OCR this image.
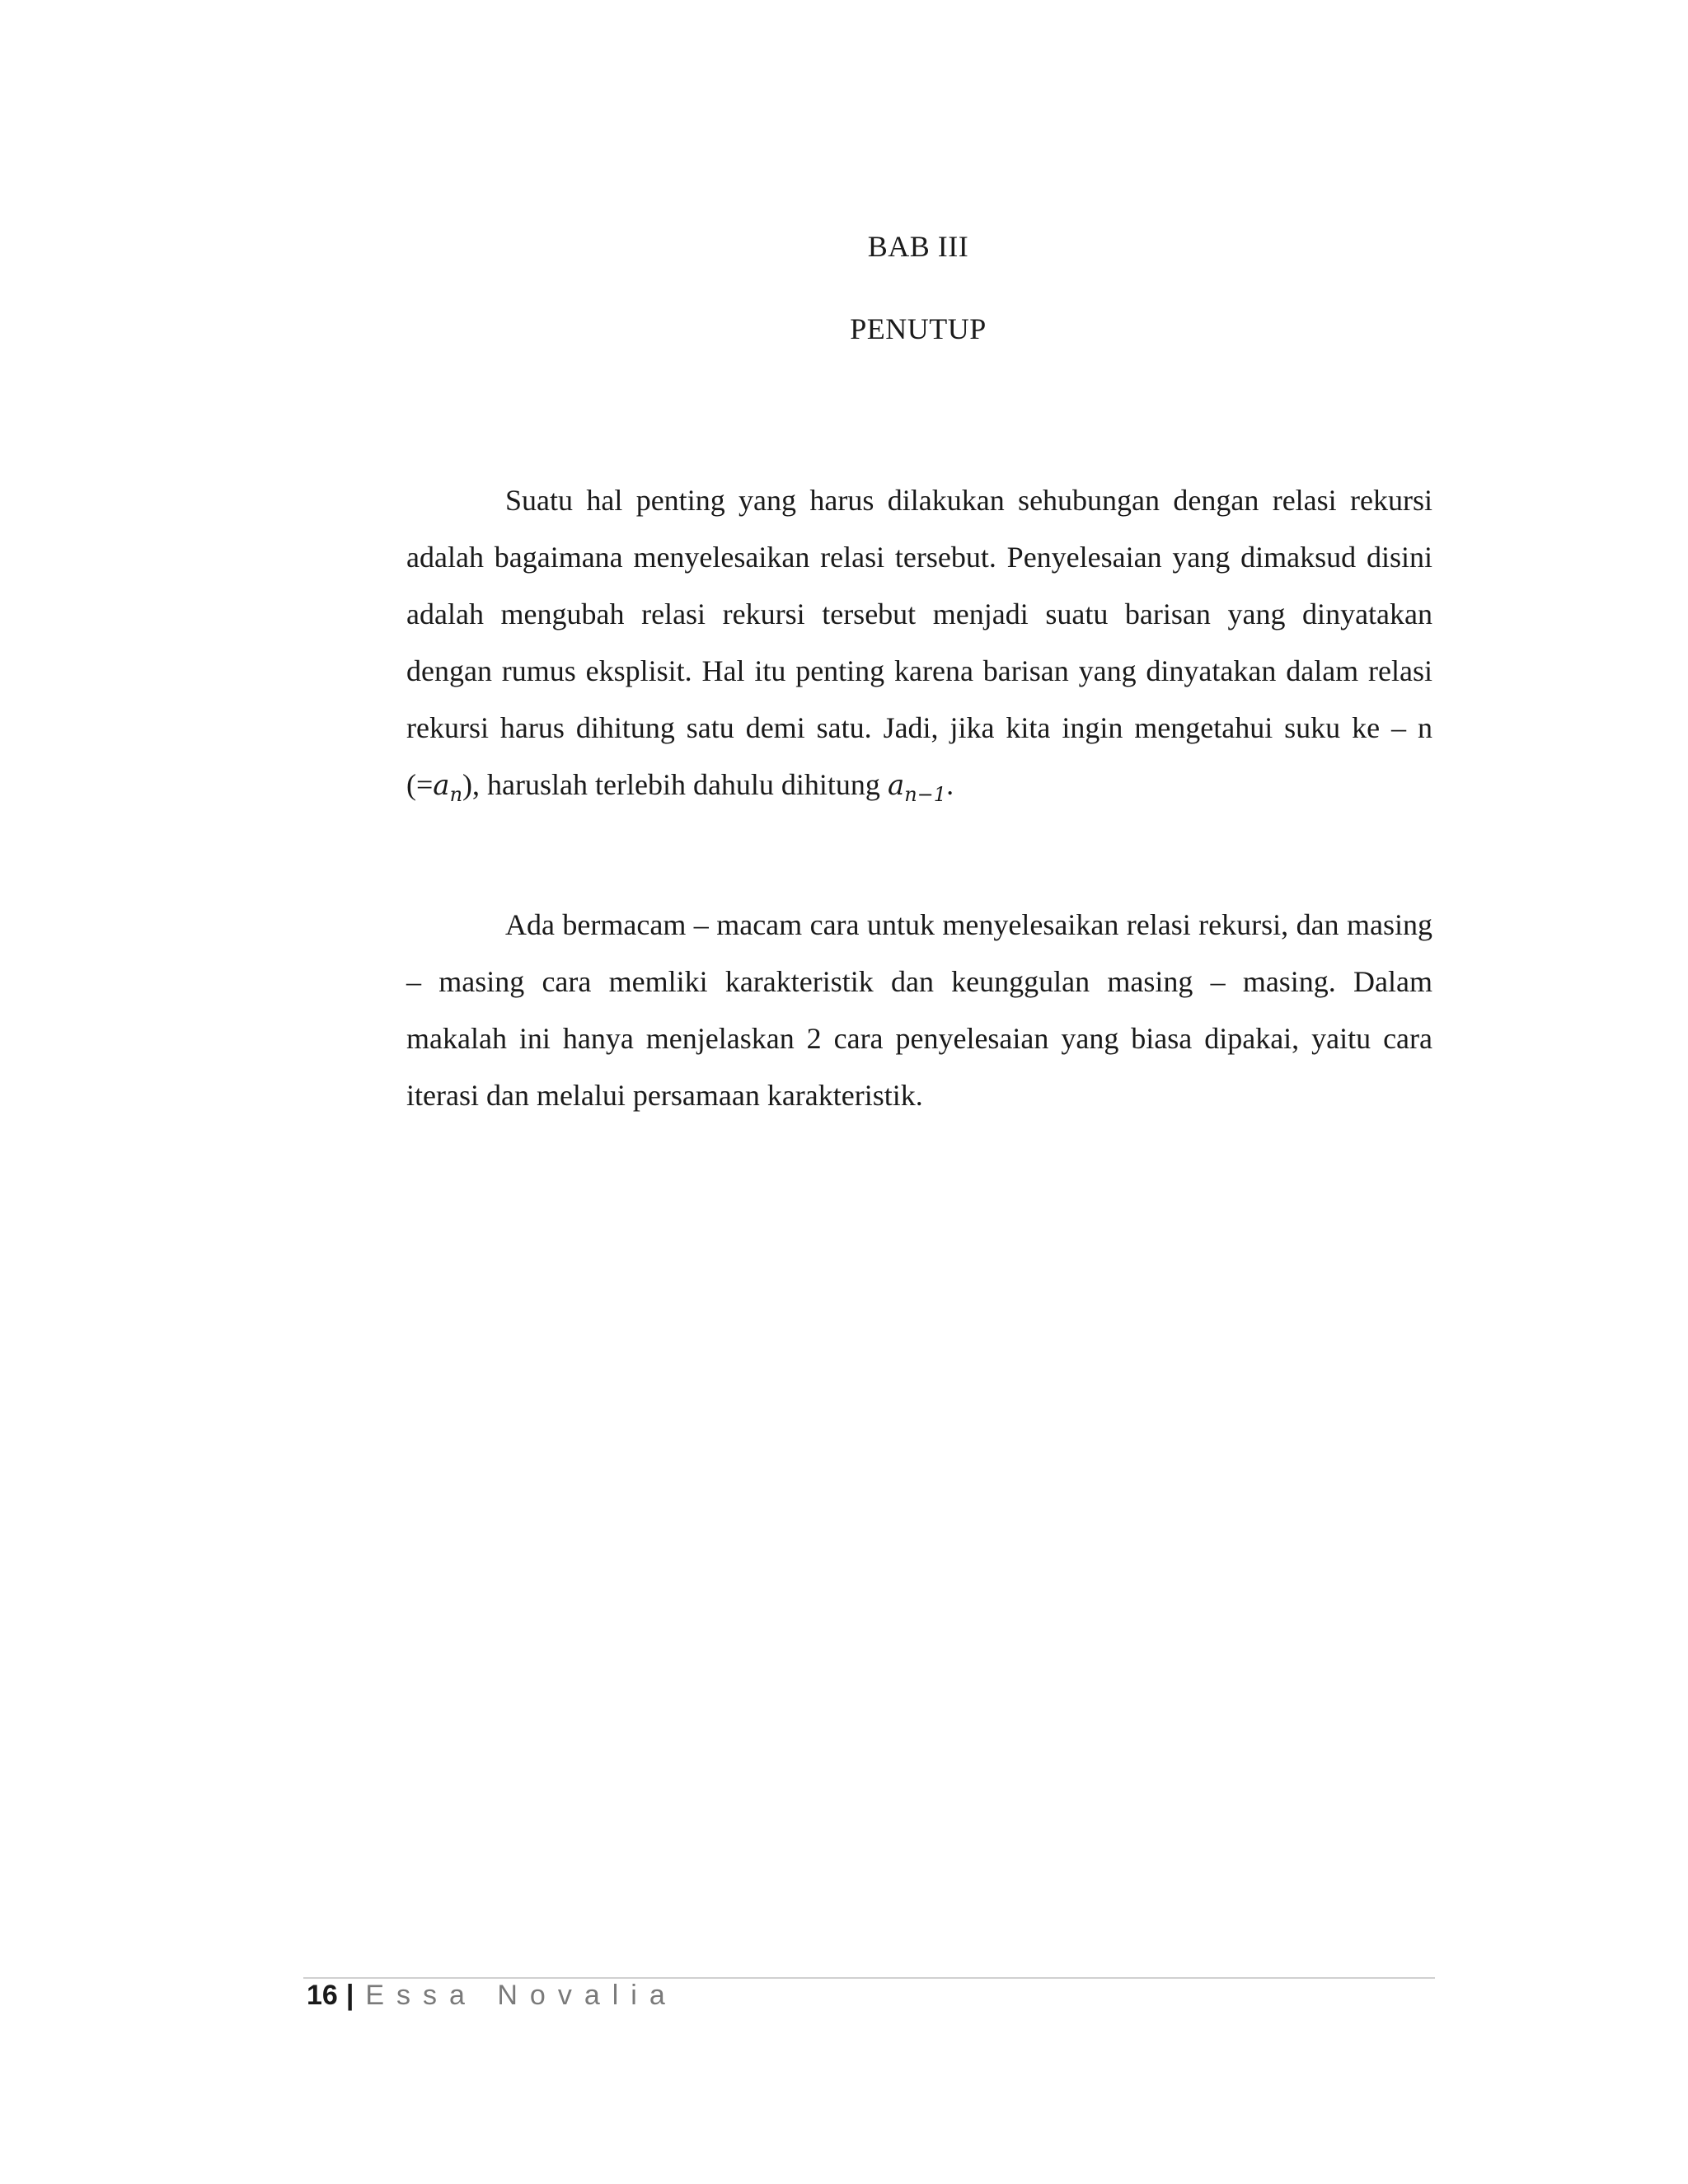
BAB III
PENUTUP

Suatu hal penting yang harus dilakukan sehubungan dengan relasi rekursi adalah bagaimana menyelesaikan relasi tersebut. Penyelesaian yang dimaksud disini adalah mengubah relasi rekursi tersebut menjadi suatu barisan yang dinyatakan dengan rumus eksplisit. Hal itu penting karena barisan yang dinyatakan dalam relasi rekursi harus dihitung satu demi satu. Jadi, jika kita ingin mengetahui suku ke – n $(=a_n)$, haruslah terlebih dahulu dihitung $a_{n-1}$.

Ada bermacam – macam cara untuk menyelesaikan relasi rekursi, dan masing – masing cara memliki karakteristik dan keunggulan masing – masing. Dalam makalah ini hanya menjelaskan 2 cara penyelesaian yang biasa dipakai, yaitu cara iterasi dan melalui persamaan karakteristik.

16 | Essa Novalia
